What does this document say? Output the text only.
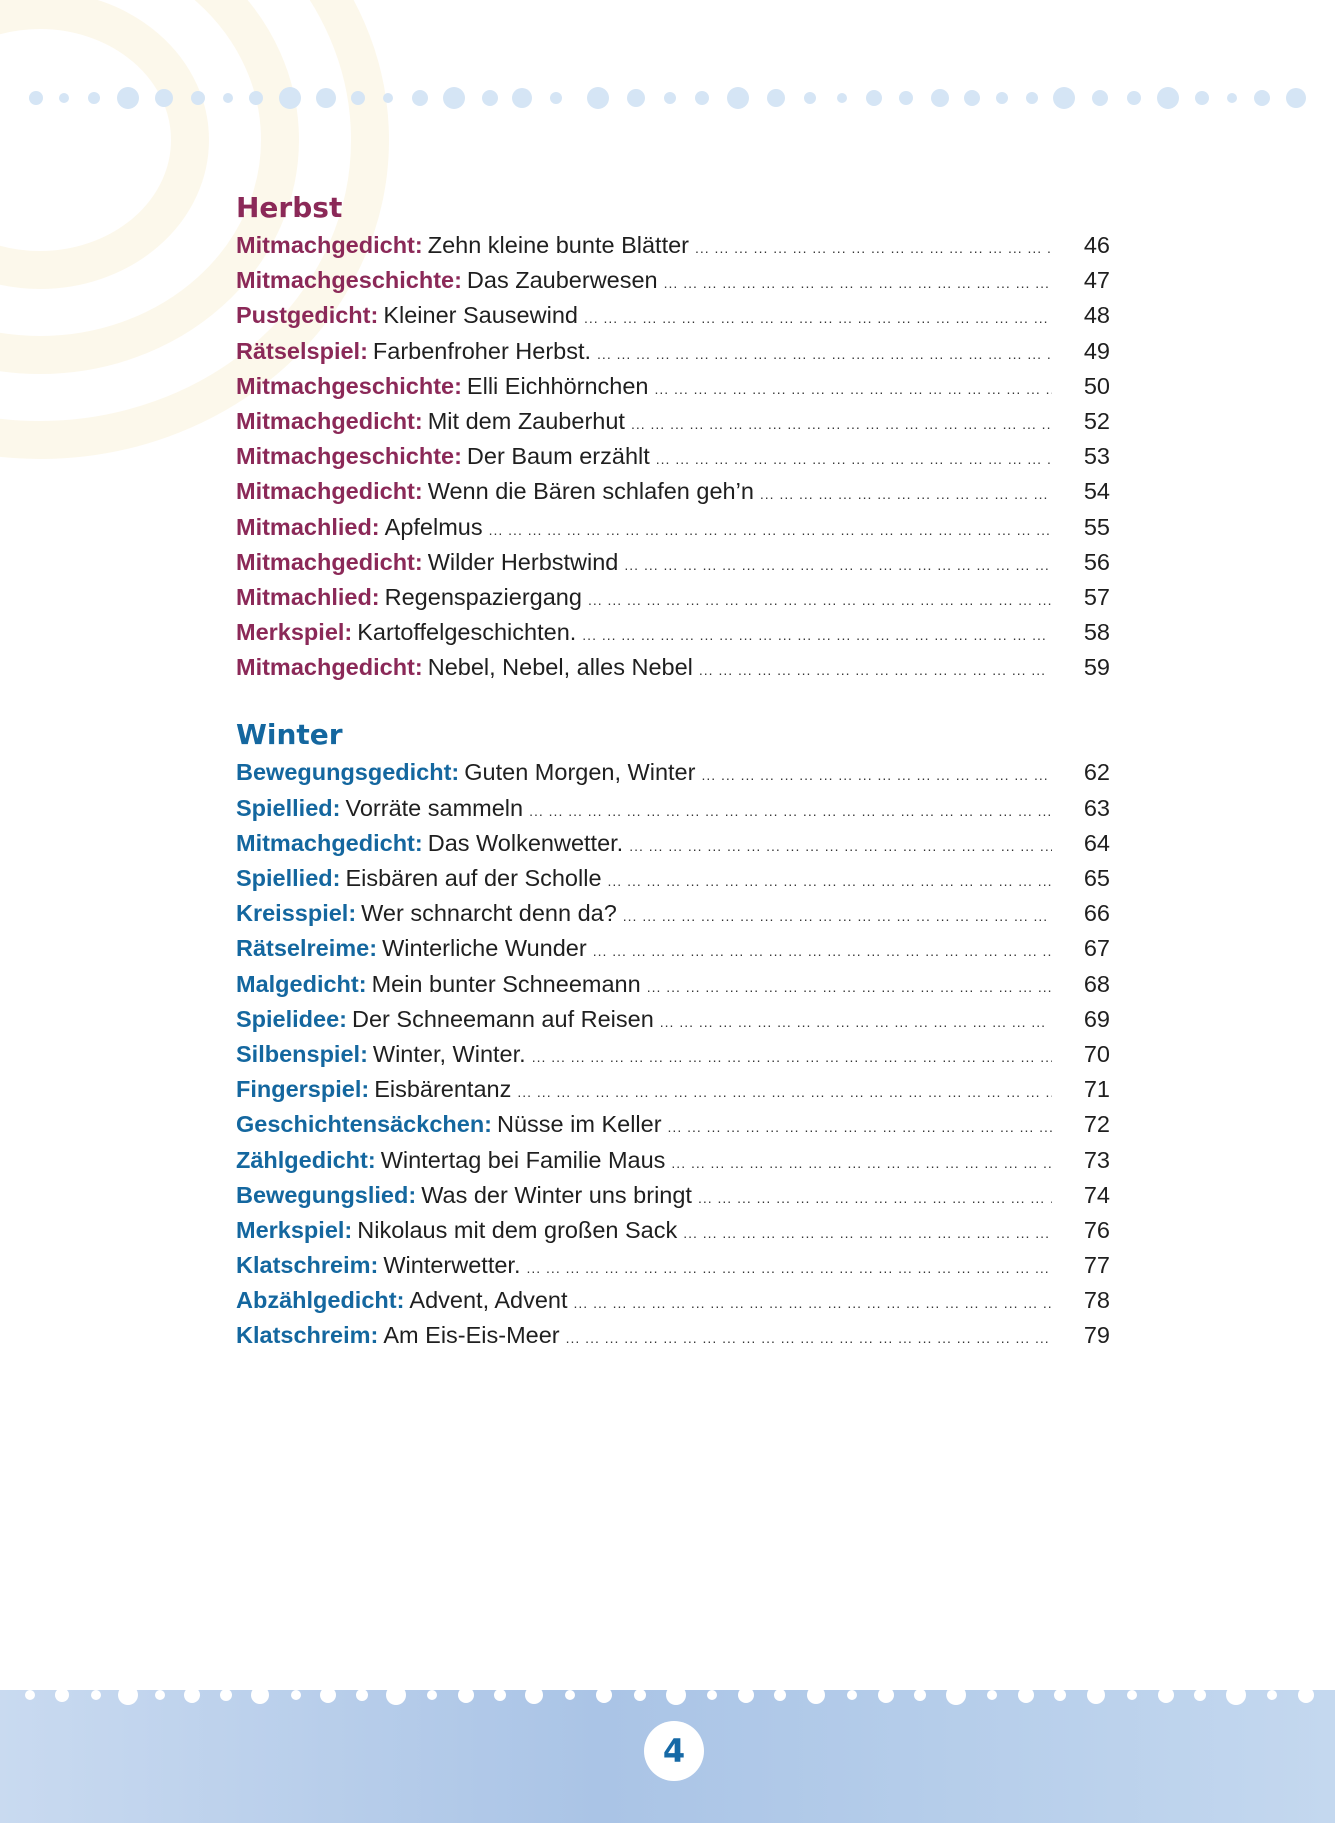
Herbst
Mitmachgedicht: Zehn kleine bunte Blätter ... .	46
Mitmachgeschichte: Das Zauberwesen ... .	47
Pustgedicht: Kleiner Sausewind ... .	48
Rätselspiel: Farbenfroher Herbst. ... .	49
Mitmachgeschichte: Elli Eichhörnchen ... .	50
Mitmachgedicht: Mit dem Zauberhut ... .	52
Mitmachgeschichte: Der Baum erzählt ... .	53
Mitmachgedicht: Wenn die Bären schlafen geh’n ... .	54
Mitmachlied: Apfelmus ... .	55
Mitmachgedicht: Wilder Herbstwind ... .	56
Mitmachlied: Regenspaziergang ... .	57
Merkspiel: Kartoffelgeschichten. ... .	58
Mitmachgedicht: Nebel, Nebel, alles Nebel ... .	59
Winter
Bewegungsgedicht: Guten Morgen, Winter ... .	62
Spiellied: Vorräte sammeln ... .	63
Mitmachgedicht: Das Wolkenwetter. ... .	64
Spiellied: Eisbären auf der Scholle ... .	65
Kreisspiel: Wer schnarcht denn da? ... .	66
Rätselreime: Winterliche Wunder ... .	67
Malgedicht: Mein bunter Schneemann ... .	68
Spielidee: Der Schneemann auf Reisen ... .	69
Silbenspiel: Winter, Winter. ... .	70
Fingerspiel: Eisbärentanz ... .	71
Geschichtensäckchen: Nüsse im Keller ... .	72
Zählgedicht: Wintertag bei Familie Maus ... .	73
Bewegungslied: Was der Winter uns bringt ... .	74
Merkspiel: Nikolaus mit dem großen Sack ... .	76
Klatschreim: Winterwetter. ... .	77
Abzählgedicht: Advent, Advent ... .	78
Klatschreim: Am Eis-Eis-Meer ... .	79
4
